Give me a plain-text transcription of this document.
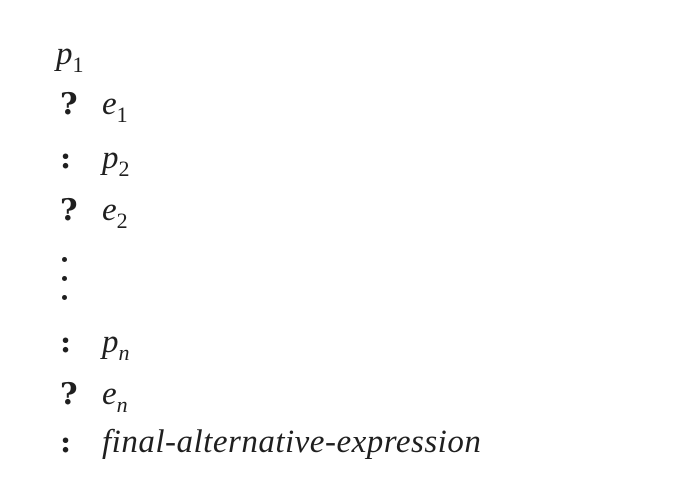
p 1
? e 1
: p 2
? e 2
: p n
? e n
: final-alternative-expression
